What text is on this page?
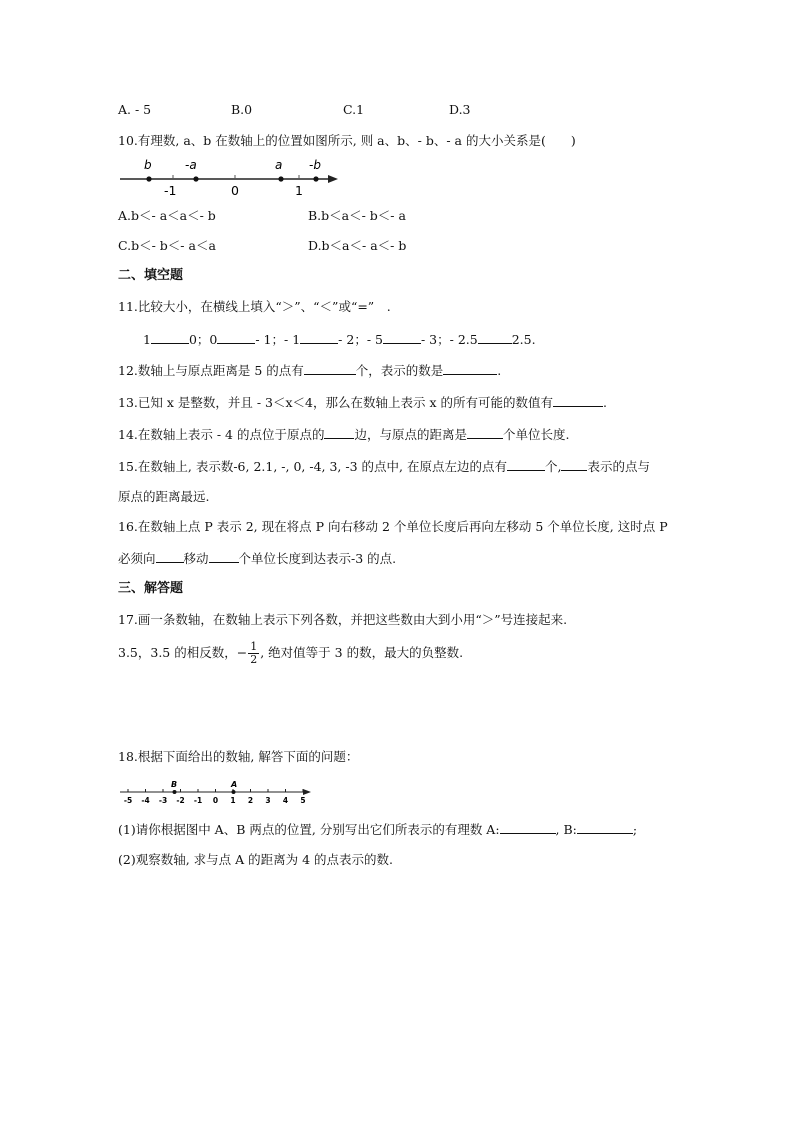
A. - 5	B.0	C.1	D.3
10.有理数, a、b 在数轴上的位置如图所示, 则 a、b、- b、- a 的大小关系是(　　)
b	-a	a -b
-1	0	1
A.b＜- a＜a＜- b	B.b＜a＜- b＜- a
C.b＜- b＜- a＜a	D.b＜a＜- a＜- b
二、填空题
11.比较大小，在横线上填入“＞”、“＜”或“=”　.
1	0；0	- 1；- 1	- 2；- 5	- 3；- 2.5	2.5.
12.数轴上与原点距离是 5 的点有	个，表示的数是	.
13.已知 x 是整数，并且 - 3＜x＜4，那么在数轴上表示 x 的所有可能的数值有	.
14.在数轴上表示 - 4 的点位于原点的 边，与原点的距离是	个单位长度.
15.在数轴上, 表示数-6, 2.1, -, 0, -4, 3, -3 的点中, 在原点左边的点有	个, 表示的点与
原点的距离最远.
16.在数轴上点 P 表示 2, 现在将点 P 向右移动 2 个单位长度后再向左移动 5 个单位长度, 这时点 P
必须向 移动 个单位长度到达表示-3 的点.
三、解答题
17.画一条数轴，在数轴上表示下列各数，并把这些数由大到小用“＞”号连接起来.
3.5，3.5 的相反数，− $\frac{1}{2}$ , 绝对值等于 3 的数，最大的负整数.
18.根据下面给出的数轴, 解答下面的问题：
B	A
-5 -4 -3 -2 -1 0 1 2 3 4 5
(1)请你根据图中 A、B 两点的位置, 分别写出它们所表示的有理数 A:	, B:	;
(2)观察数轴, 求与点 A 的距离为 4 的点表示的数.
